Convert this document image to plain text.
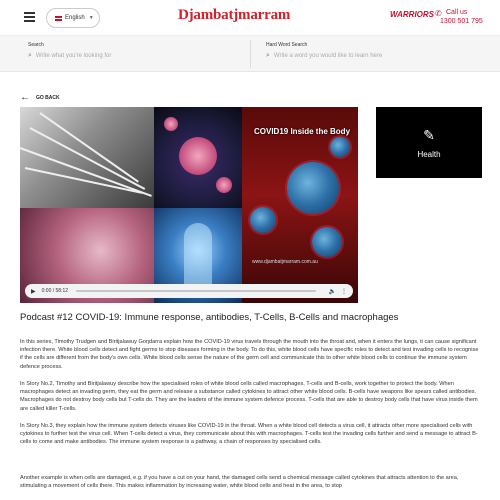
English ▼	Djambatjmarram	WARRIORS ✆ Call us
1300 501 795
Search
⌕ Write what you're looking for
Hard Word Search
⌕ Write a word you would like to learn here
← GO BACK
COVID19 Inside the Body
www.djambatjmarram.com.au
▶ 0:00 / 58:12	🔈 ⋮
✎
Health
Podcast #12 COVID-19: Immune response, antibodies, T-Cells, B-Cells and macrophages
In this series, Timothy Trudgen and Biritjalawuy Goŋdarra explain how the COVID-19 virus travels through the mouth into the throat and, when it enters the lungs, it can cause significant infection there. White blood cells detect and fight germs to stop diseases forming in the body. To do this, white blood cells have specific roles to detect and test invading cells to recognise if the cells are different from the body's own cells. White blood cells sense the nature of the germ cell and communicate this to other white blood cells to continue the immune system defence process.
In Story No.2, Timothy and Biritjalawuy describe how the specialised roles of white blood cells called macrophages, T-cells and B-cells, work together to protect the body. When macrophages detect an invading germ, they eat the germ and release a substance called cytokines to attract other white blood cells. B-cells have weapons like spears called antibodies. Macrophages do not destroy body cells but T-cells do. They are the leaders of the immune system defence process. T-cells that are able to destroy body cells that have virus inside them are called killer T-cells.
In Story No.3, they explain how the immune system detects viruses like COVID-19 in the throat. When a white blood cell detects a virus cell, it attracts other more specialised cells with cytokines to further test the virus cell. When T-cells detect a virus, they communicate about this with macrophages. T-cells test the invading cells further and send a message to attract B-cells to come and make antibodies. The immune system response is a pathway, a chain of responses by specialised cells.
Another example is when cells are damaged, e.g. if you have a cut on your hand, the damaged cells send a chemical message called cytokines that attracts attention to the area, stimulating a movement of cells there. This makes inflammation by increasing water, white blood cells and heat in the area, to stop
